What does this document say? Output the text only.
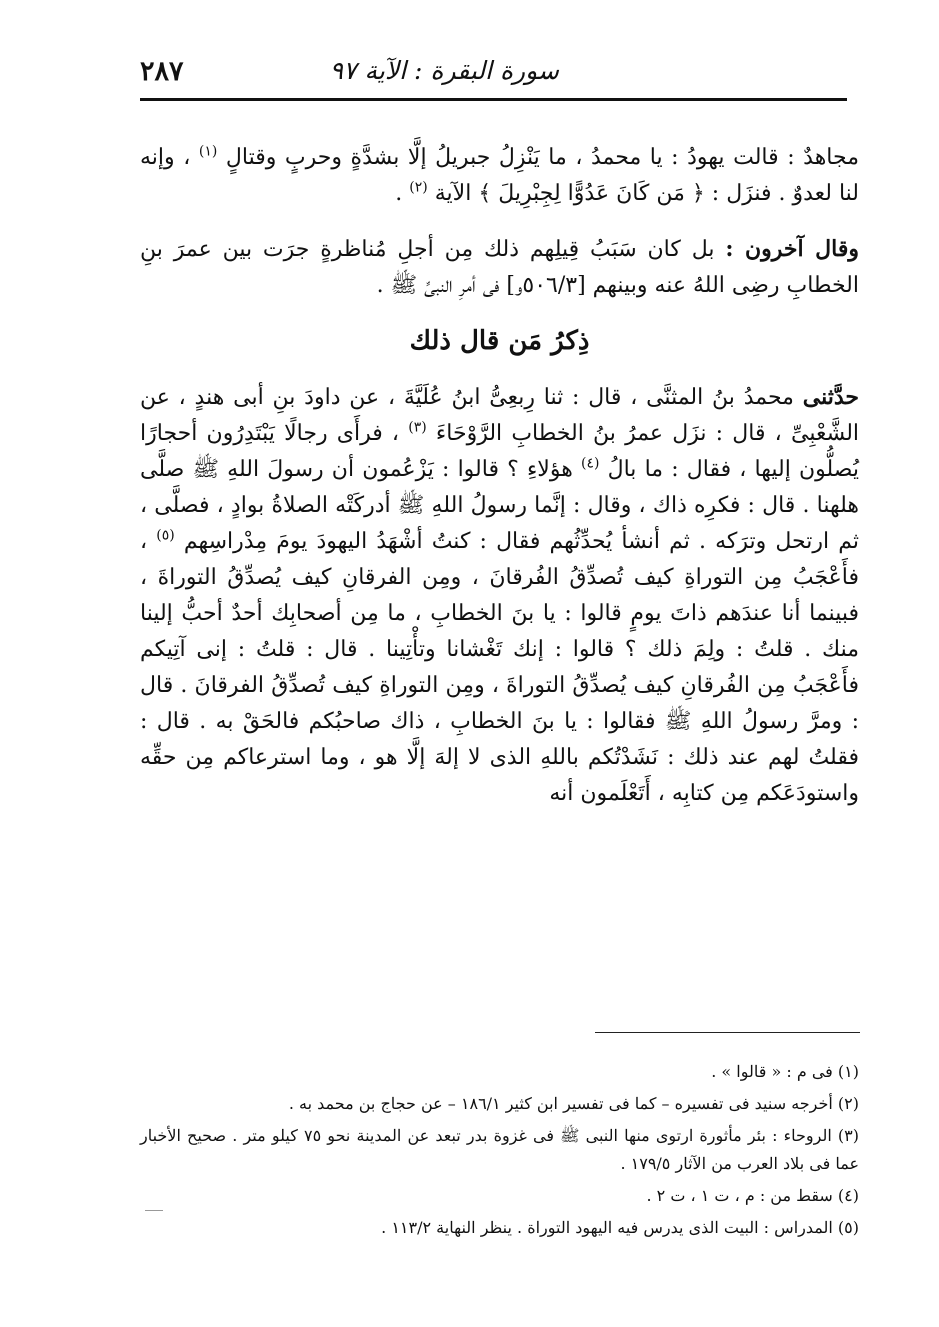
سورة البقرة : الآية ٩٧
٢٨٧

مجاهدٌ : قالت يهودُ : يا محمدُ ، ما يَنْزِلُ جبريلُ إلَّا بشدَّةٍ وحربٍ وقتالٍ $^{(١)}$ ، وإنه لنا لعدوٌ . فنزَل : ﴿ مَن كَانَ عَدُوًّا لِجِبْرِيلَ ﴾ الآية $^{(٢)}$ .

وقال آخرون : بل كان سَبَبُ قِيلِهم ذلك مِن أجلِ مُناظرةٍ جرَت بين عمرَ بنِ الخطابِ رضِى اللهُ عنه وبينهم [٥٠٦/٣و] فى أمرِ النبىِّ ﷺ .

ذِكرُ مَن قال ذلك

حدَّثنى محمدُ بنُ المثنَّى ، قال : ثنا رِبعِىُّ ابنُ عُلَيَّةَ ، عن داودَ بنِ أبى هندٍ ، عن الشَّعْبِىِّ ، قال : نزَل عمرُ بنُ الخطابِ الرَّوْحَاءَ $^{(٣)}$ ، فرأَى رجالًا يَبْتَدِرُون أحجارًا يُصلُّون إليها ، فقال : ما بالُ $^{(٤)}$ هؤلاءِ ؟ قالوا : يَزْعُمون أن رسولَ اللهِ ﷺ صلَّى هلهنا . قال : فكرِه ذاك ، وقال : إنَّما رسولُ اللهِ ﷺ أدركَتْه الصلاةُ بوادٍ ، فصلَّى ، ثم ارتحل وترَكه . ثم أنشأ يُحدِّثُهم فقال : كنتُ أشْهَدُ اليهودَ يومَ مِدْراسِهم $^{(٥)}$ ، فأَعْجَبُ مِن التوراةِ كيف تُصدِّقُ الفُرقانَ ، ومِن الفرقانِ كيف يُصدِّقُ التوراةَ ، فبينما أنا عندَهم ذاتَ يومٍ قالوا : يا بنَ الخطابِ ، ما مِن أصحابِك أحدٌ أحبُّ إلينا منك . قلتُ : ولِمَ ذلك ؟ قالوا : إنك تَغْشانا وتأْتِينا . قال : قلتُ : إنى آتِيكم فأَعْجَبُ مِن الفُرقانِ كيف يُصدِّقُ التوراةَ ، ومِن التوراةِ كيف تُصدِّقُ الفرقانَ . قال : ومرَّ رسولُ اللهِ ﷺ فقالوا : يا بنَ الخطابِ ، ذاك صاحبُكم فالحَقْ به . قال : فقلتُ لهم عند ذلك : نَشَدْتُكم باللهِ الذى لا إلهَ إلَّا هو ، وما استرعاكم مِن حقِّه واستودَعَكم مِن كتابِه ، أَتَعْلَمون أنه

(١) فى م : « قالوا » .
(٢) أخرجه سنيد فى تفسيره – كما فى تفسير ابن كثير ١٨٦/١ – عن حجاج بن محمد به .
(٣) الروحاء : بئر مأثورة ارتوى منها النبى ﷺ فى غزوة بدر تبعد عن المدينة نحو ٧٥ كيلو متر . صحيح الأخبار عما فى بلاد العرب من الآثار ١٧٩/٥ .
(٤) سقط من : م ، ت ١ ، ت ٢ .
(٥) المدراس : البيت الذى يدرس فيه اليهود التوراة . ينظر النهاية ١١٣/٢ .
